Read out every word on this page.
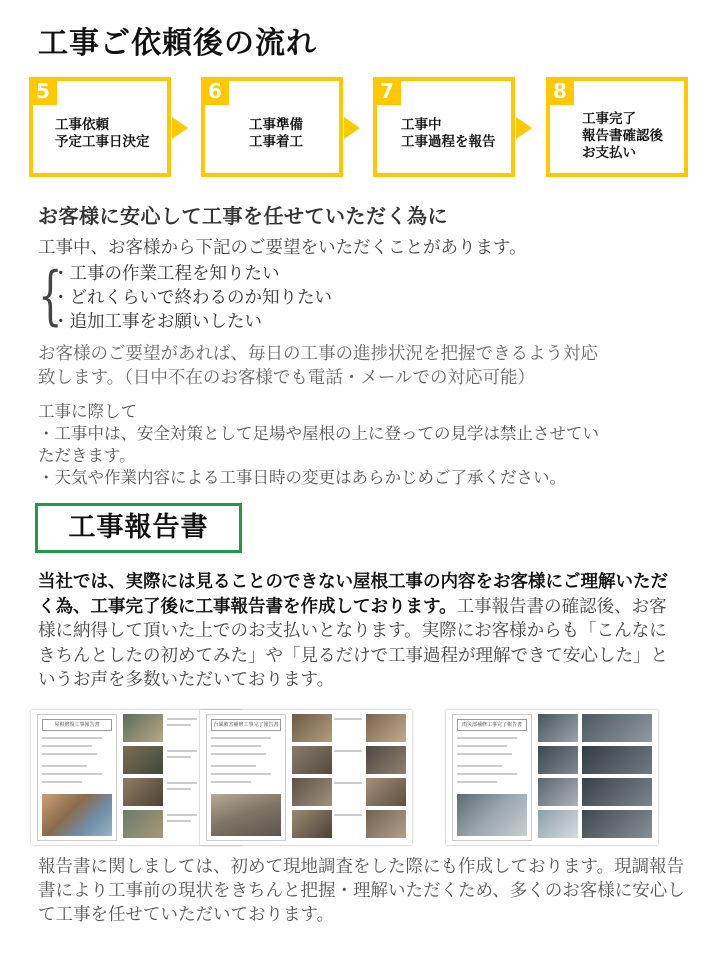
工事ご依頼後の流れ
5
工事依頼
予定工事日決定
6
工事準備
工事着工
7
工事中
工事過程を報告
8
工事完了
報告書確認後
お支払い
お客様に安心して工事を任せていただく為に
工事中、お客様から下記のご要望をいただくことがあります。
{
・工事の作業工程を知りたい
・どれくらいで終わるのか知りたい
・追加工事をお願いしたい
お客様のご要望があれば、毎日の工事の進捗状況を把握できるよう対応
致します。（日中不在のお客様でも電話・メールでの対応可能）
工事に際して
・工事中は、安全対策として足場や屋根の上に登っての見学は禁止させてい
ただきます。
・天気や作業内容による工事日時の変更はあらかじめご了承ください。
工事報告書
当社では、実際には見ることのできない屋根工事の内容をお客様にご理解いただく為、工事完了後に工事報告書を作成しております。工事報告書の確認後、お客様に納得して頂いた上でのお支払いとなります。実際にお客様からも「こんなにきちんとしたの初めてみた」や「見るだけで工事過程が理解できて安心した」というお声を多数いただいております。
屋根修復工事報告書	台風被害補修工事完了報告書	雨災部補修工事完了報告書
報告書に関しましては、初めて現地調査をした際にも作成しております。現調報告書により工事前の現状をきちんと把握・理解いただくため、多くのお客様に安心して工事を任せていただいております。
